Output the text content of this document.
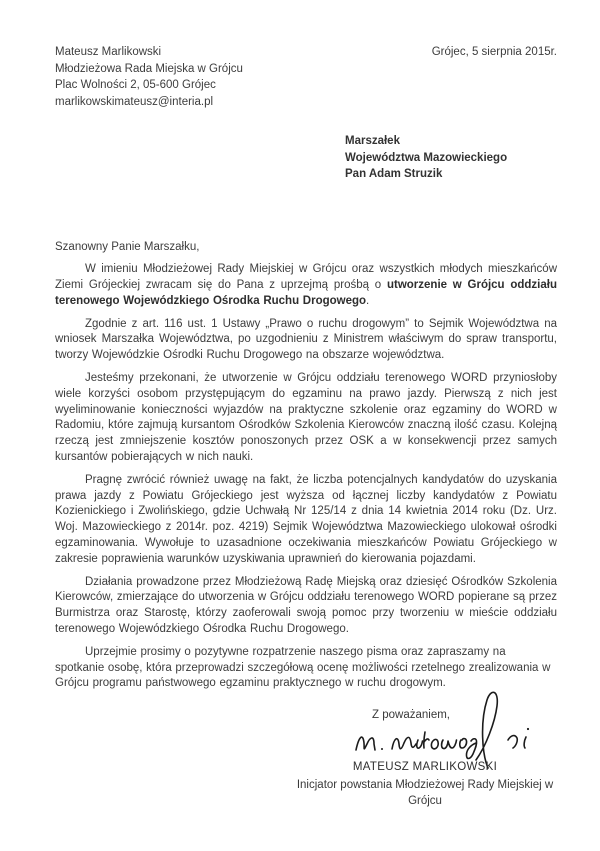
Mateusz Marlikowski
Młodzieżowa Rada Miejska w Grójcu
Plac Wolności 2, 05-600 Grójec
marlikowskimateusz@interia.pl
Grójec, 5 sierpnia 2015r.
Marszałek
Województwa Mazowieckiego
Pan Adam Struzik
Szanowny Panie Marszałku,

W imieniu Młodzieżowej Rady Miejskiej w Grójcu oraz wszystkich młodych mieszkańców Ziemi Grójeckiej zwracam się do Pana z uprzejmą prośbą o utworzenie w Grójcu oddziału terenowego Wojewódzkiego Ośrodka Ruchu Drogowego.

Zgodnie z art. 116 ust. 1 Ustawy „Prawo o ruchu drogowym” to Sejmik Województwa na wniosek Marszałka Województwa, po uzgodnieniu z Ministrem właściwym do spraw transportu, tworzy Wojewódzkie Ośrodki Ruchu Drogowego na obszarze województwa.

Jesteśmy przekonani, że utworzenie w Grójcu oddziału terenowego WORD przyniosłoby wiele korzyści osobom przystępującym do egzaminu na prawo jazdy. Pierwszą z nich jest wyeliminowanie konieczności wyjazdów na praktyczne szkolenie oraz egzaminy do WORD w Radomiu, które zajmują kursantom Ośrodków Szkolenia Kierowców znaczną ilość czasu. Kolejną rzeczą jest zmniejszenie kosztów ponoszonych przez OSK a w konsekwencji przez samych kursantów pobierających w nich nauki.

Pragnę zwrócić również uwagę na fakt, że liczba potencjalnych kandydatów do uzyskania prawa jazdy z Powiatu Grójeckiego jest wyższa od łącznej liczby kandydatów z Powiatu Kozienickiego i Zwolińskiego, gdzie Uchwałą Nr 125/14 z dnia 14 kwietnia 2014 roku (Dz. Urz. Woj. Mazowieckiego z 2014r. poz. 4219) Sejmik Województwa Mazowieckiego ulokował ośrodki egzaminowania. Wywołuje to uzasadnione oczekiwania mieszkańców Powiatu Grójeckiego w zakresie poprawienia warunków uzyskiwania uprawnień do kierowania pojazdami.

Działania prowadzone przez Młodzieżową Radę Miejską oraz dziesięć Ośrodków Szkolenia Kierowców, zmierzające do utworzenia w Grójcu oddziału terenowego WORD popierane są przez Burmistrza oraz Starostę, którzy zaoferowali swoją pomoc przy tworzeniu w mieście oddziału terenowego Wojewódzkiego Ośrodka Ruchu Drogowego.

Uprzejmie prosimy o pozytywne rozpatrzenie naszego pisma oraz zapraszamy na spotkanie osobę, która przeprowadzi szczegółową ocenę możliwości rzetelnego zrealizowania w Grójcu programu państwowego egzaminu praktycznego w ruchu drogowym.

Z poważaniem,
MATEUSZ MARLIKOWSKI
Inicjator powstania Młodzieżowej Rady Miejskiej w Grójcu
